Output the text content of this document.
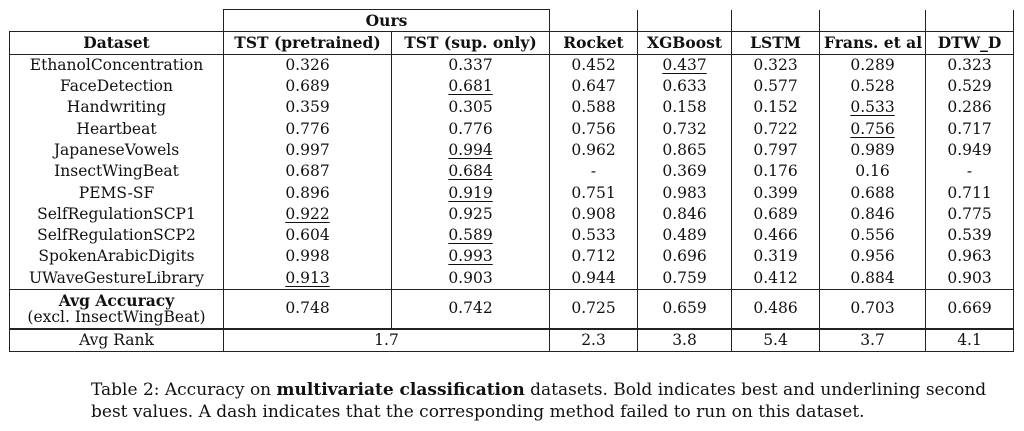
	Ours						
Dataset	TST (pretrained)	TST (sup. only)	Rocket	XGBoost	LSTM	Frans. et al	DTW_D
EthanolConcentration	0.326	0.337	0.452	0.437	0.323	0.289	0.323
FaceDetection	0.689	0.681	0.647	0.633	0.577	0.528	0.529
Handwriting	0.359	0.305	0.588	0.158	0.152	0.533	0.286
Heartbeat	0.776	0.776	0.756	0.732	0.722	0.756	0.717
JapaneseVowels	0.997	0.994	0.962	0.865	0.797	0.989	0.949
InsectWingBeat	0.687	0.684	-	0.369	0.176	0.16	-
PEMS-SF	0.896	0.919	0.751	0.983	0.399	0.688	0.711
SelfRegulationSCP1	0.922	0.925	0.908	0.846	0.689	0.846	0.775
SelfRegulationSCP2	0.604	0.589	0.533	0.489	0.466	0.556	0.539
SpokenArabicDigits	0.998	0.993	0.712	0.696	0.319	0.956	0.963
UWaveGestureLibrary	0.913	0.903	0.944	0.759	0.412	0.884	0.903

Avg Accuracy
(excl. InsectWingBeat)	0.748	0.742	0.725	0.659	0.486	0.703	0.669
Avg Rank	1.7		2.3	3.8	5.4	3.7	4.1
Table 2: Accuracy on multivariate classification datasets. Bold indicates best and underlining second best values. A dash indicates that the corresponding method failed to run on this dataset.
